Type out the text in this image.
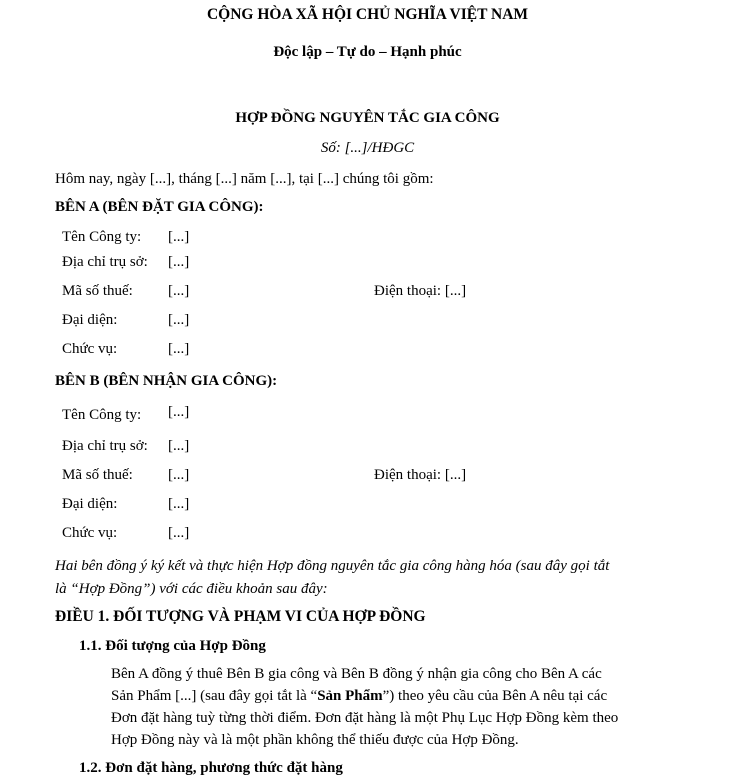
CỘNG HÒA XÃ HỘI CHỦ NGHĨA VIỆT NAM
Độc lập – Tự do – Hạnh phúc
HỢP ĐỒNG NGUYÊN TẮC GIA CÔNG
Số: [...]/HĐGC
Hôm nay, ngày [...], tháng [...] năm [...], tại [...] chúng tôi gồm:
BÊN A (BÊN ĐẶT GIA CÔNG):
Tên Công ty: [...]
Địa chỉ trụ sở: [...]
Mã số thuế: [...]	Điện thoại: [...]
Đại diện:	[...]
Chức vụ:	[...]
BÊN B (BÊN NHẬN GIA CÔNG):
Tên Công ty: [...]
Địa chỉ trụ sở: [...]
Mã số thuế: [...]	Điện thoại: [...]
Đại diện:	[...]
Chức vụ:	[...]
Hai bên đồng ý ký kết và thực hiện Hợp đồng nguyên tắc gia công hàng hóa (sau đây gọi tắt
là “Hợp Đồng”) với các điều khoản sau đây:
ĐIỀU 1. ĐỐI TƯỢNG VÀ PHẠM VI CỦA HỢP ĐỒNG
1.1. Đối tượng của Hợp Đồng
Bên A đồng ý thuê Bên B gia công và Bên B đồng ý nhận gia công cho Bên A các
Sản Phẩm [...] (sau đây gọi tắt là “Sản Phẩm”) theo yêu cầu của Bên A nêu tại các
Đơn đặt hàng tuỳ từng thời điểm. Đơn đặt hàng là một Phụ Lục Hợp Đồng kèm theo
Hợp Đồng này và là một phần không thể thiếu được của Hợp Đồng.
1.2. Đơn đặt hàng, phương thức đặt hàng
